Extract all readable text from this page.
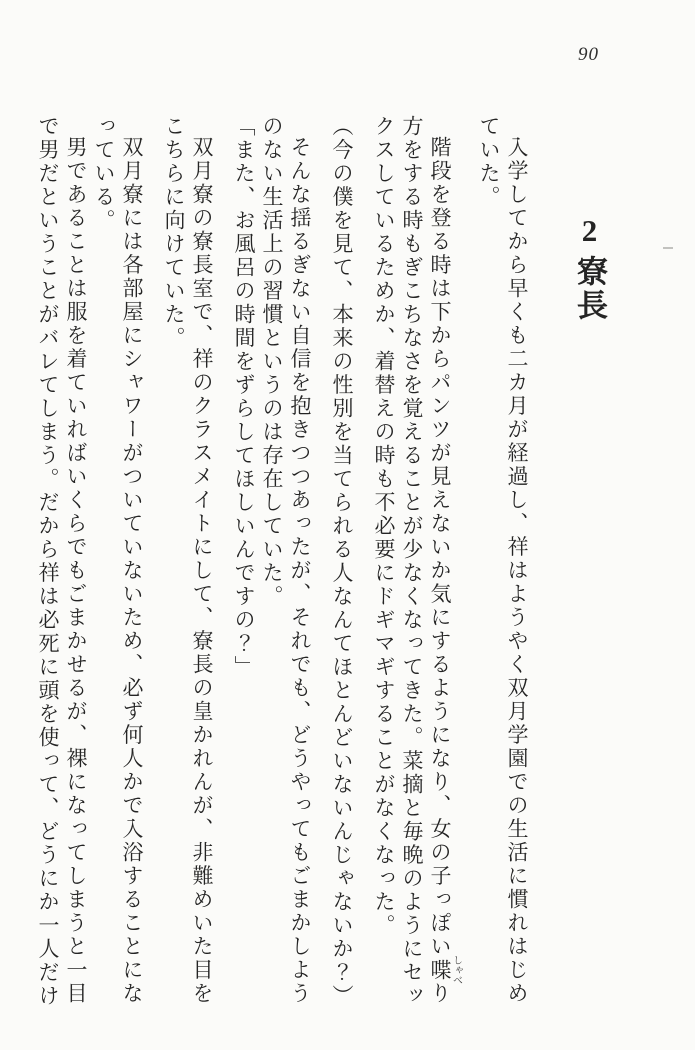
90
2寮長

入学してから早くも二カ月が経過し、祥はようやく双月学園での生活に慣れはじめていた。

階段を登る時は下からパンツが見えないか気にするようになり、女の子っぽい喋しゃべり方をする時もぎこちなさを覚えることが少なくなってきた。菜摘と毎晩のようにセックスしているためか、着替えの時も不必要にドギマギすることがなくなった。

（今の僕を見て、本来の性別を当てられる人なんてほとんどいないんじゃないか？）

そんな揺るぎない自信を抱きつつあったが、それでも、どうやってもごまかしようのない生活上の習慣というのは存在していた。

「また、お風呂の時間をずらしてほしいんですの？」

双月寮の寮長室で、祥のクラスメイトにして、寮長の皇かれんが、非難めいた目をこちらに向けていた。

双月寮には各部屋にシャワーがついていないため、必ず何人かで入浴することになっている。

男であることは服を着ていればいくらでもごまかせるが、裸になってしまうと一目で男だということがバレてしまう。だから祥は必死に頭を使って、どうにか一人だけ
